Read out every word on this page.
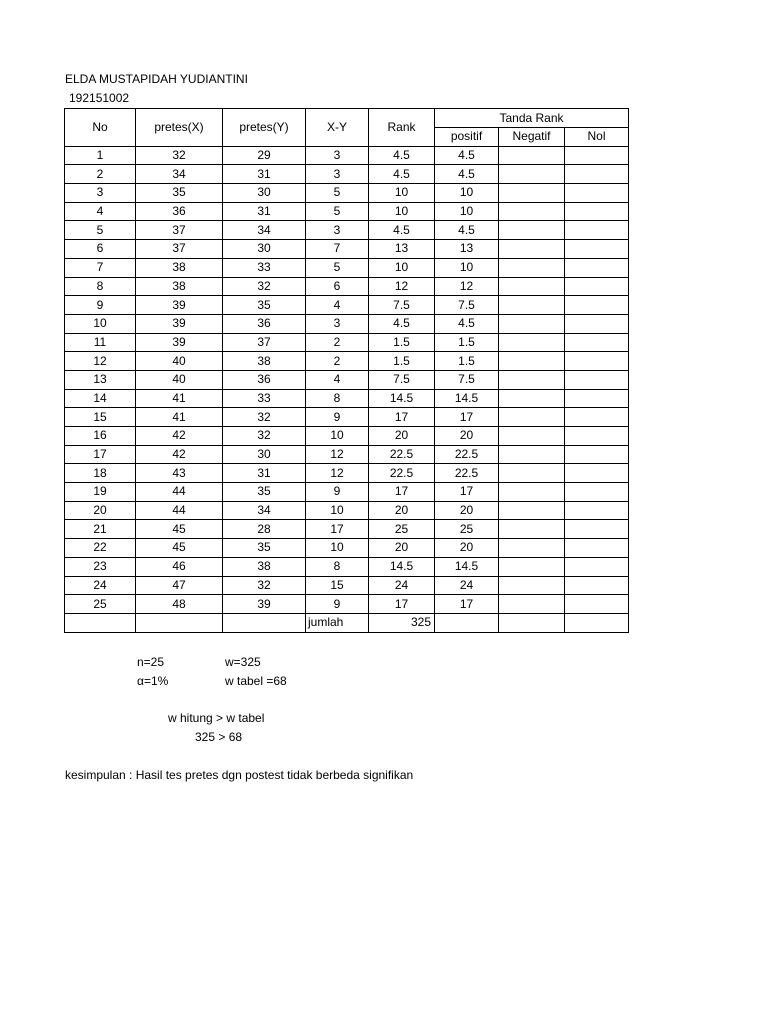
ELDA MUSTAPIDAH YUDIANTINI
192151002
No	pretes(X)	pretes(Y)	X-Y	Rank	Tanda Rank		
					positif	Negatif	Nol
1	32	29	3	4.5	4.5		
2	34	31	3	4.5	4.5		
3	35	30	5	10	10		
4	36	31	5	10	10		
5	37	34	3	4.5	4.5		
6	37	30	7	13	13		
7	38	33	5	10	10		
8	38	32	6	12	12		
9	39	35	4	7.5	7.5		
10	39	36	3	4.5	4.5		
11	39	37	2	1.5	1.5		
12	40	38	2	1.5	1.5		
13	40	36	4	7.5	7.5		
14	41	33	8	14.5	14.5		
15	41	32	9	17	17		
16	42	32	10	20	20		
17	42	30	12	22.5	22.5		
18	43	31	12	22.5	22.5		
19	44	35	9	17	17		
20	44	34	10	20	20		
21	45	28	17	25	25		
22	45	35	10	20	20		
23	46	38	8	14.5	14.5		
24	47	32	15	24	24		
25	48	39	9	17	17		
			jumlah	325			
n=25	w=325
α=1%	w tabel =68
w hitung > w tabel
325 > 68
kesimpulan : Hasil tes pretes dgn postest tidak berbeda signifikan
